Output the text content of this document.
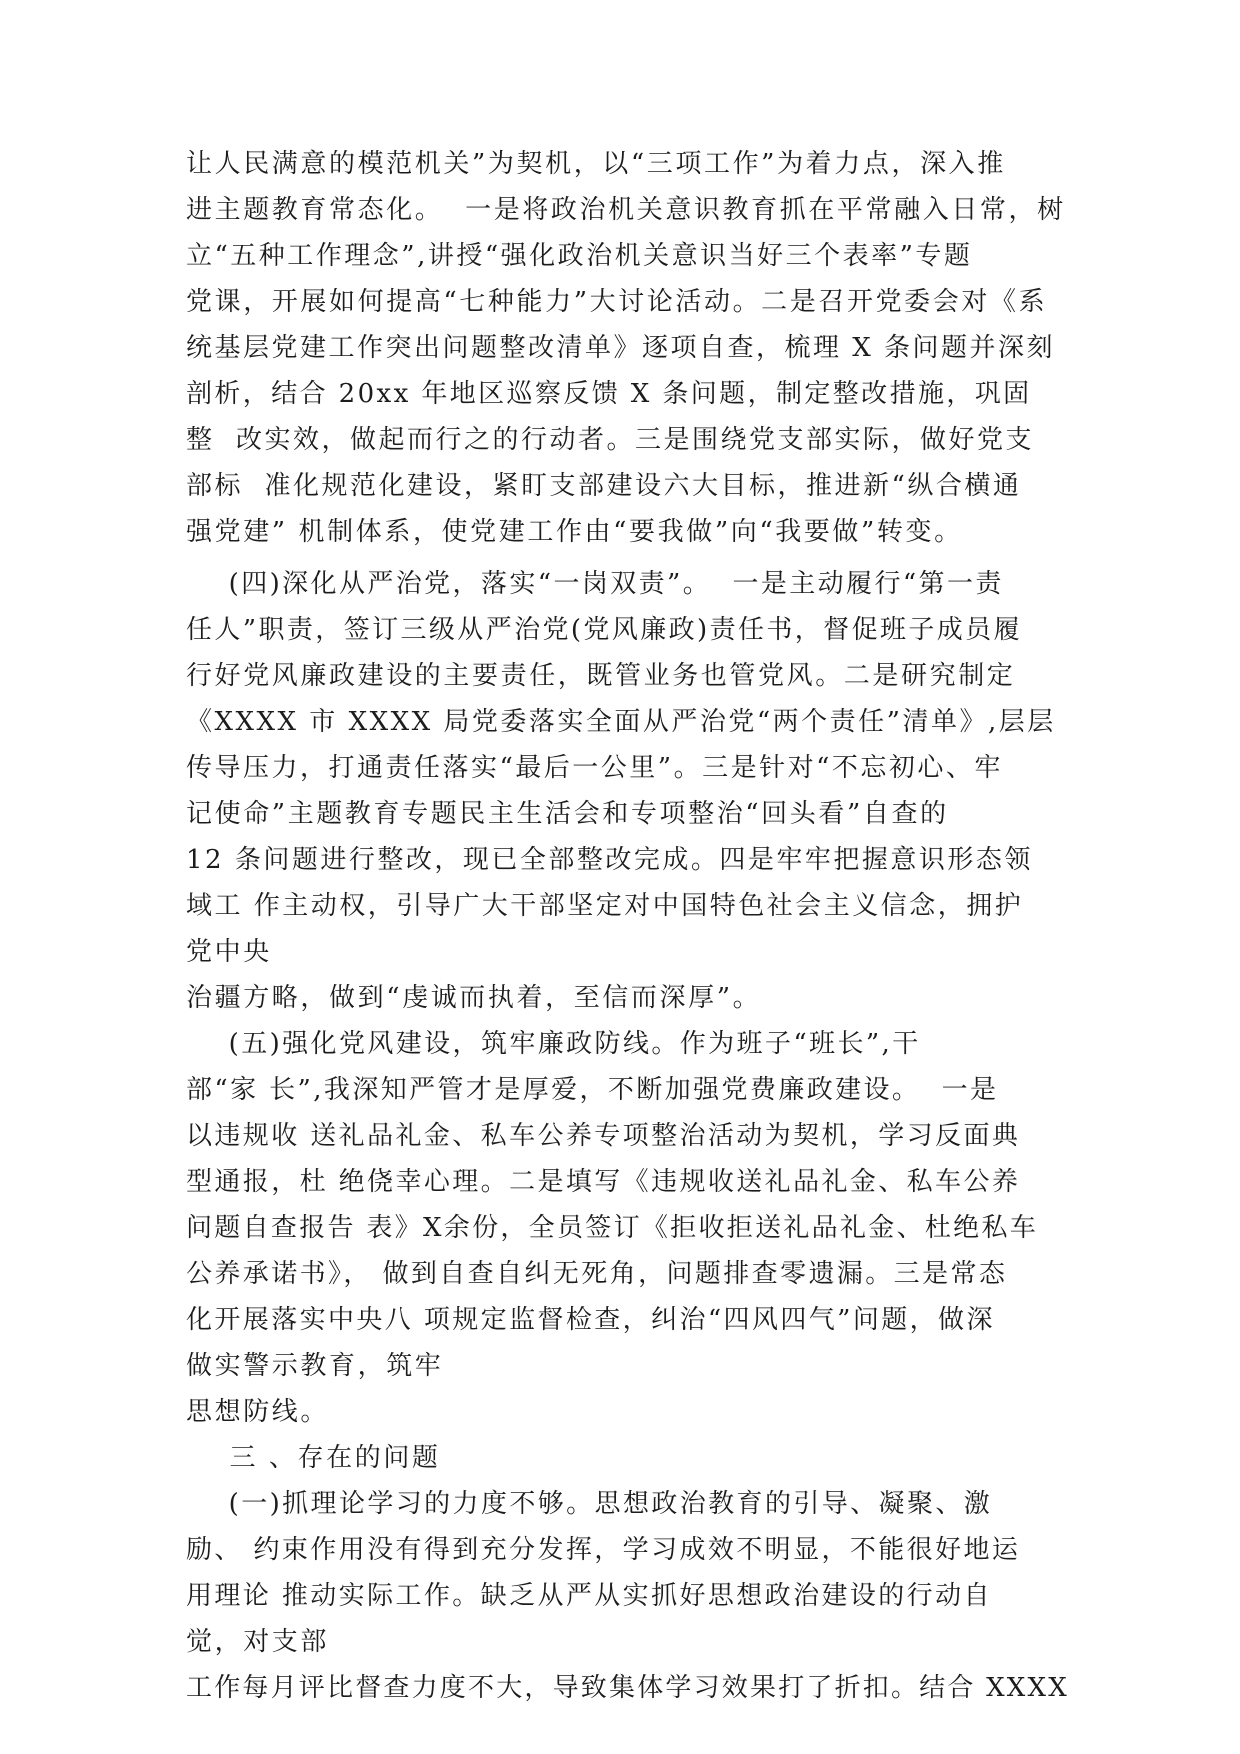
让人民满意的模范机关”为契机，以“三项工作”为着力点，深入推

进主题教育常态化。  一是将政治机关意识教育抓在平常融入日常，树

立“五种工作理念”,讲授“强化政治机关意识当好三个表率”专题

党课，开展如何提高“七种能力”大讨论活动。二是召开党委会对《系

统基层党建工作突出问题整改清单》逐项自查，梳理 X 条问题并深刻

剖析，结合 20xx 年地区巡察反馈 X 条问题，制定整改措施，巩固

整  改实效，做起而行之的行动者。三是围绕党支部实际，做好党支

部标  准化规范化建设，紧盯支部建设六大目标，推进新“纵合横通

强党建” 机制体系，使党建工作由“要我做”向“我要做”转变。

(四)深化从严治党，落实“一岗双责”。  一是主动履行“第一责

任人”职责，签订三级从严治党(党风廉政)责任书，督促班子成员履

行好党风廉政建设的主要责任，既管业务也管党风。二是研究制定

《XXXX 市 XXXX 局党委落实全面从严治党“两个责任”清单》,层层

传导压力，打通责任落实“最后一公里”。三是针对“不忘初心、牢

记使命”主题教育专题民主生活会和专项整治“回头看”自查的

12 条问题进行整改，现已全部整改完成。四是牢牢把握意识形态领

域工 作主动权，引导广大干部坚定对中国特色社会主义信念，拥护

党中央

治疆方略，做到“虔诚而执着，至信而深厚”。

(五)强化党风建设，筑牢廉政防线。作为班子“班长”,干

部“家 长”,我深知严管才是厚爱，不断加强党费廉政建设。  一是

以违规收 送礼品礼金、私车公养专项整治活动为契机，学习反面典

型通报，杜 绝侥幸心理。二是填写《违规收送礼品礼金、私车公养

问题自查报告 表》X余份，全员签订《拒收拒送礼品礼金、杜绝私车

公养承诺书》， 做到自查自纠无死角，问题排查零遗漏。三是常态

化开展落实中央八 项规定监督检查，纠治“四风四气”问题，做深

做实警示教育，筑牢

思想防线。

三 、存在的问题

(一)抓理论学习的力度不够。思想政治教育的引导、凝聚、激

励、 约束作用没有得到充分发挥，学习成效不明显，不能很好地运

用理论 推动实际工作。缺乏从严从实抓好思想政治建设的行动自

觉，对支部

工作每月评比督查力度不大，导致集体学习效果打了折扣。结合 XXXX
